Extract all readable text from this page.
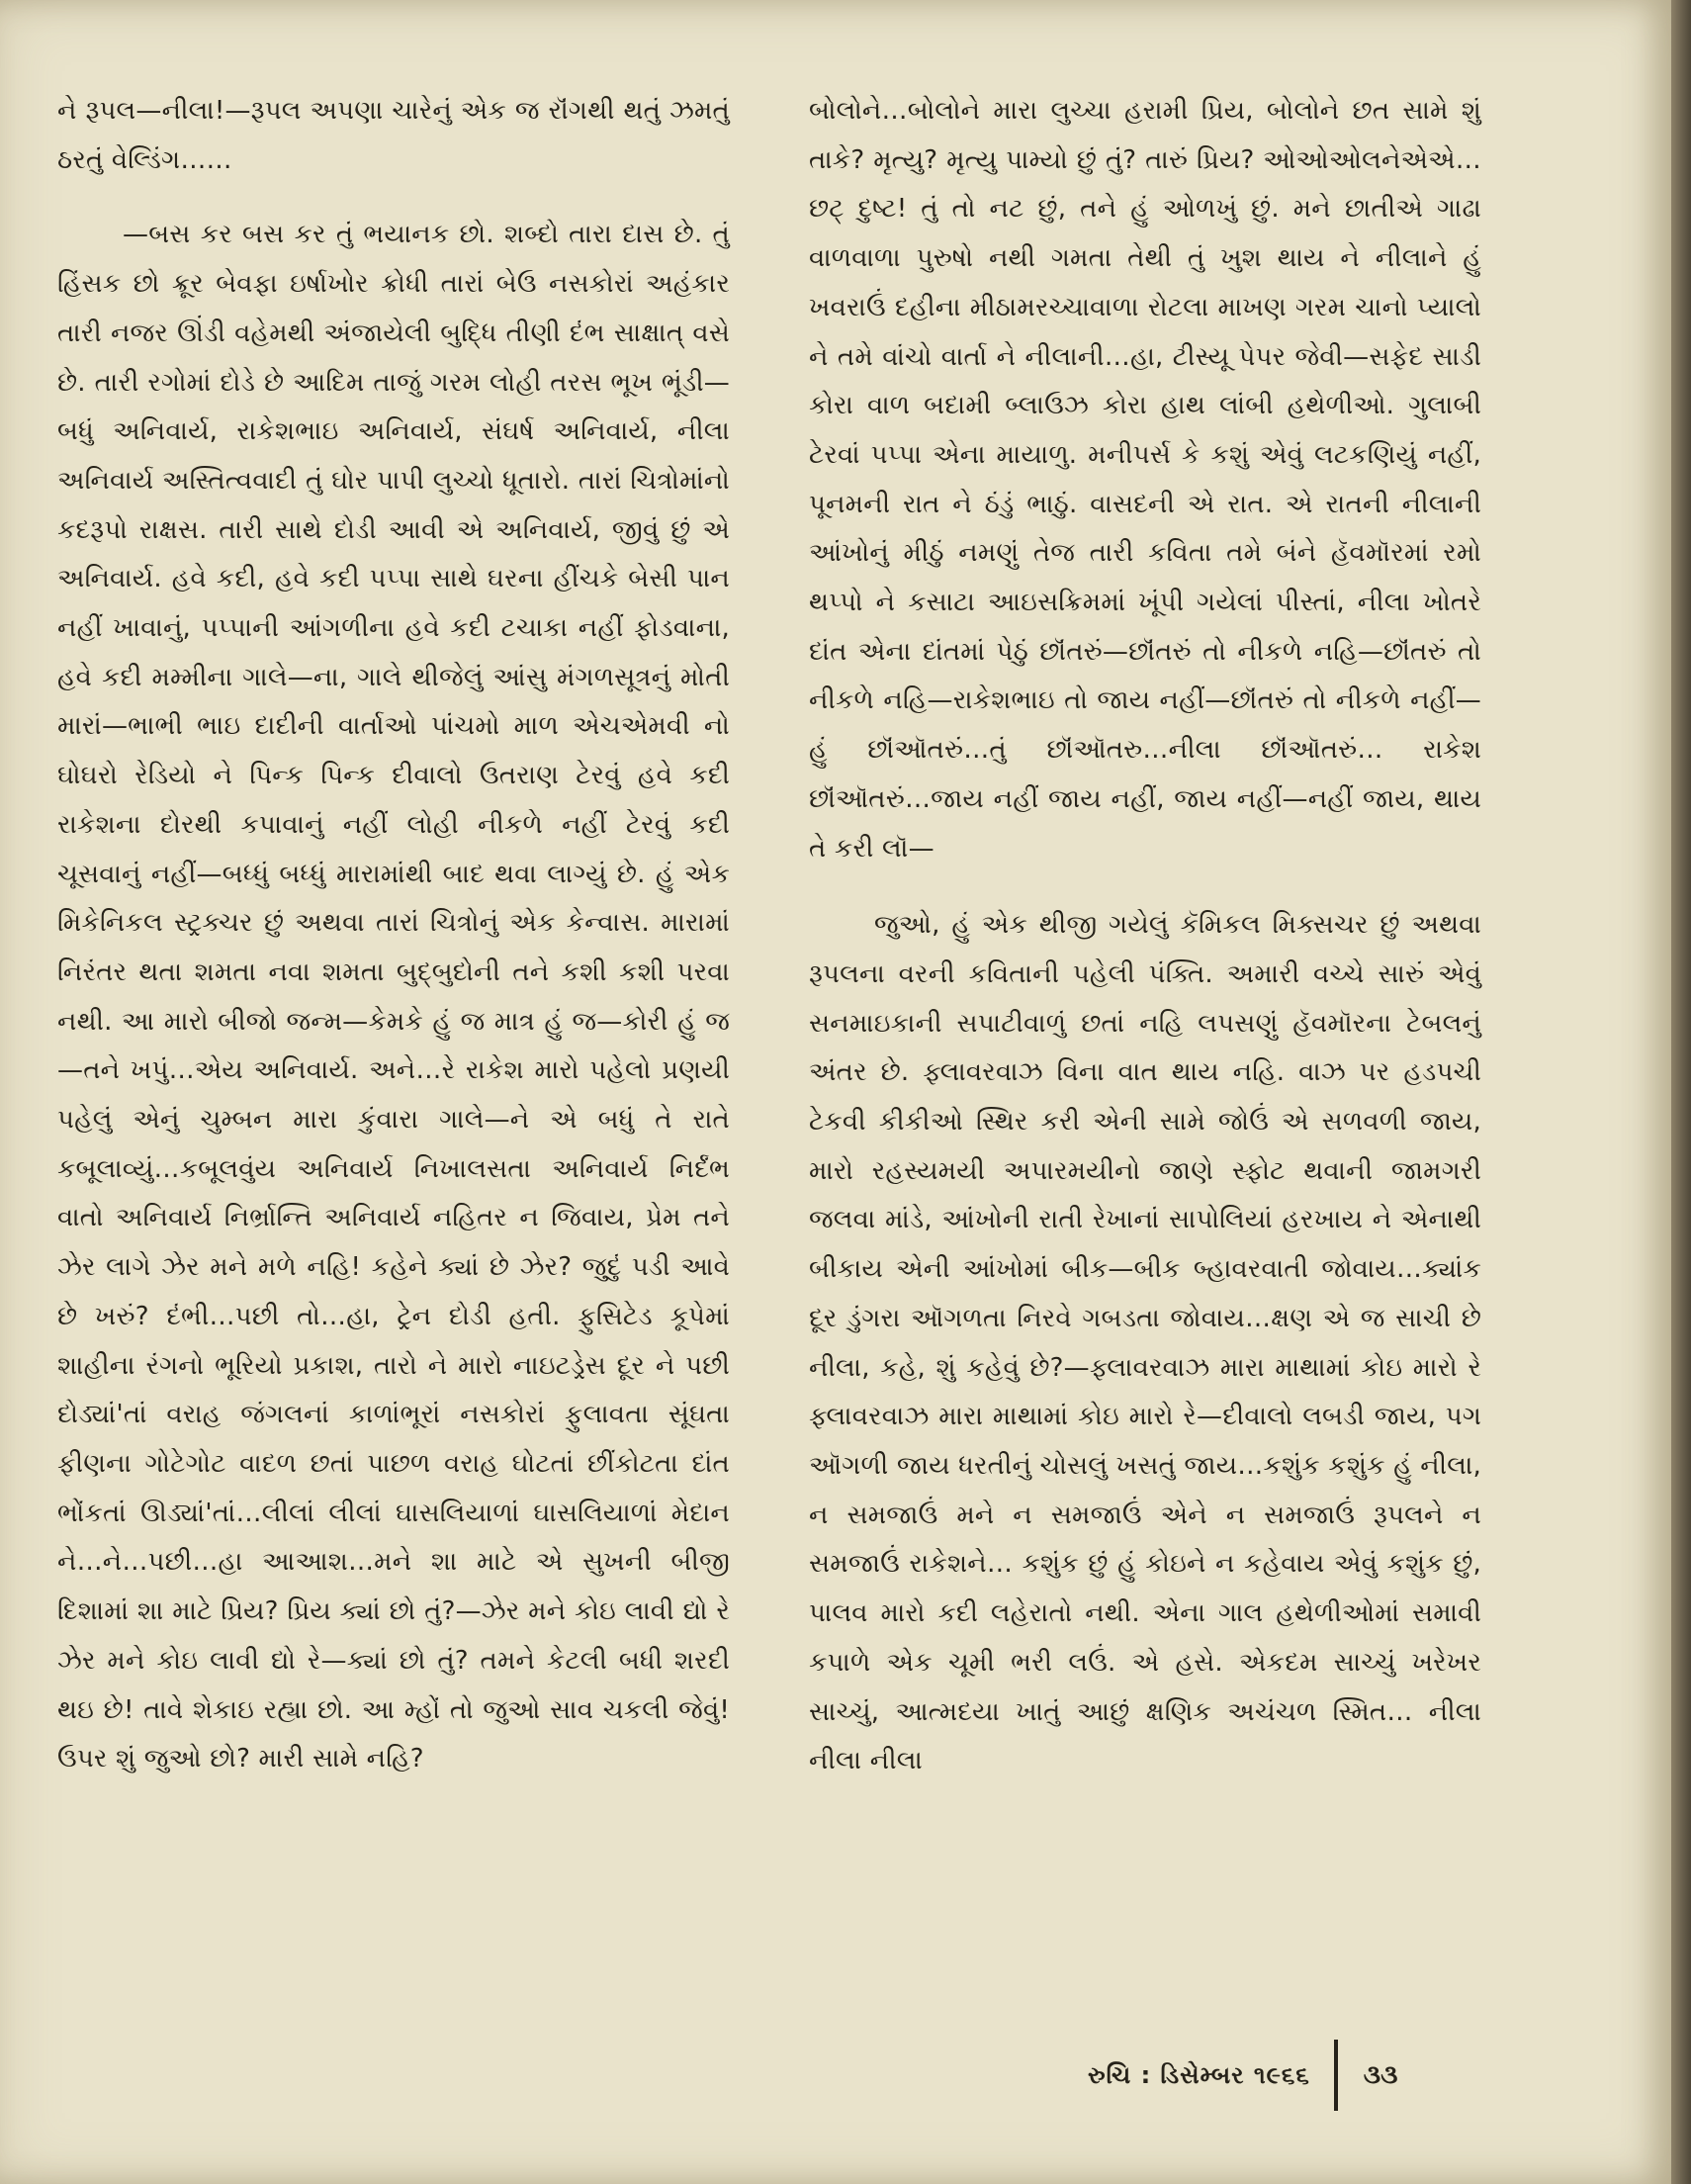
ને રૂપલ—નીલા!—રૂપલ અપણા ચારેનું એક જ રૉંગથી થતું ઝમતું ઠરતું વેલ્ડિંગ……

—બસ કર બસ કર તું ભયાનક છો. શબ્દો તારા દાસ છે. તું હિંસક છો ક્રૂર બેવફા ઇર્ષાખોર ક્રોધી તારાં બેઉ નસકોરાં અહંકાર તારી નજર ઊંડી વહેમથી અંજાયેલી બુદ્ધિ તીણી દંભ સાક્ષાત્ વસે છે. તારી રગોમાં દોડે છે આદિમ તાજું ગરમ લોહી તરસ ભૂખ ભૂંડી—બધું અનિવાર્ય, રાકેશભાઇ અનિવાર્ય, સંઘર્ષ અનિવાર્ય, નીલા અનિવાર્ય અસ્તિત્વવાદી તું ઘોર પાપી લુચ્ચો ધૂતારો. તારાં ચિત્રોમાંનો કદરૂપો રાક્ષસ. તારી સાથે દોડી આવી એ અનિવાર્ય, જીવું છું એ અનિવાર્ય. હવે કદી, હવે કદી પપ્પા સાથે ઘરના હીંચકે બેસી પાન નહીં ખાવાનું, પપ્પાની આંગળીના હવે કદી ટચાકા નહીં ફોડવાના, હવે કદી મમ્મીના ગાલે—ના, ગાલે થીજેલું આંસુ મંગળસૂત્રનું મોતી મારાં—ભાભી ભાઇ દાદીની વાર્તાઓ પાંચમો માળ એચએમવી નો ઘોઘરો રેડિયો ને પિન્ક પિન્ક દીવાલો ઉતરાણ ટેરવું હવે કદી રાકેશના દોરથી કપાવાનું નહીં લોહી નીકળે નહીં ટેરવું કદી ચૂસવાનું નહીં—બધ્ધું બધ્ધું મારામાંથી બાદ થવા લાગ્યું છે. હું એક મિકેનિકલ સ્ટ્રક્ચર છું અથવા તારાં ચિત્રોનું એક કેન્વાસ. મારામાં નિરંતર થતા શમતા નવા શમતા બુદ્બુદોની તને કશી કશી પરવા નથી. આ મારો બીજો જન્મ—કેમકે હું જ માત્ર હું જ—કોરી હું જ—તને ખપું…એય અનિવાર્ય. અને…રે રાકેશ મારો પહેલો પ્રણયી પહેલું એનું ચુમ્બન મારા કુંવારા ગાલે—ને એ બધું તે રાતે કબૂલાવ્યું…કબૂલવુંય અનિવાર્ય નિખાલસતા અનિવાર્ય નિર્દંભ વાતો અનિવાર્ય નિર્ભ્રાન્તિ અનિવાર્ય નહિતર ન જિવાય, પ્રેમ તને ઝેર લાગે ઝેર મને મળે નહિ! કહેને ક્યાં છે ઝેર? જુદું પડી આવે છે ખરું? દંભી…પછી તો…હા, ટ્રેન દોડી હતી. ફુસિટેડ કૂપેમાં શાહીના રંગનો ભૂરિયો પ્રકાશ, તારો ને મારો નાઇટડ્રેસ દૂર ને પછી દોડ્યાં'તાં વરાહ જંગલનાં કાળાંભૂરાં નસકોરાં ફુલાવતા સૂંઘતા ફીણના ગોટેગોટ વાદળ છતાં પાછળ વરાહ ઘોટતાં છીંકોટતા દાંત ભોંકતાં ઊડ્યાં'તાં…લીલાં લીલાં ઘાસલિયાળાં ઘાસલિયાળાં મેદાન ને…ને…પછી…હા આઆશ…મને શા માટે એ સુખની બીજી દિશામાં શા માટે પ્રિય? પ્રિય ક્યાં છો તું?—ઝેર મને કોઇ લાવી દ્યો રે ઝેર મને કોઇ લાવી દ્યો રે—ક્યાં છો તું? તમને કેટલી બધી શરદી થઇ છે! તાવે શેકાઇ રહ્યા છો. આ મ્હોં તો જુઓ સાવ ચકલી જેવું! ઉપર શું જુઓ છો? મારી સામે નહિ?

બોલોને…બોલોને મારા લુચ્ચા હરામી પ્રિય, બોલોને છત સામે શું તાકે? મૃત્યુ? મૃત્યુ પામ્યો છું તું? તારું પ્રિય? ઓઓઓલનેએએ…છટ્ દુષ્ટ! તું તો નટ છું, તને હું ઓળખું છું. મને છાતીએ ગાઢા વાળવાળા પુરુષો નથી ગમતા તેથી તું ખુશ થાય ને નીલાને હું ખવરાઉં દહીના મીઠામરચ્ચાવાળા રોટલા માખણ ગરમ ચાનો પ્યાલો ને તમે વાંચો વાર્તા ને નીલાની…હા, ટીસ્યૂ પેપર જેવી—સફેદ સાડી કોરા વાળ બદામી બ્લાઉઝ કોરા હાથ લાંબી હથેળીઓ. ગુલાબી ટેરવાં પપ્પા એના માયાળુ. મનીપર્સ કે કશું એવું લટકણિયું નહીં, પૂનમની રાત ને ઠંડું ભાઠું. વાસદની એ રાત. એ રાતની નીલાની આંખોનું મીઠું નમણું તેજ તારી કવિતા તમે બંને હૅવમૉરમાં રમો થપ્પો ને કસાટા આઇસક્રિમમાં ખૂંપી ગયેલાં પીસ્તાં, નીલા ખોતરે દાંત એના દાંતમાં પેઠું છૉંતરું—છૉંતરું તો નીકળે નહિ—છૉંતરું તો નીકળે નહિ—રાકેશભાઇ તો જાય નહીં—છૉંતરું તો નીકળે નહીં—હું છૉંઑતરું…તું છૉંઑતરુ…નીલા છૉંઑતરું… રાકેશ છૉંઑતરું…જાય નહીં જાય નહીં, જાય નહીં—નહીં જાય, થાય તે કરી લૉ—

જુઓ, હું એક થીજી ગયેલું કૅમિકલ મિક્સચર છું અથવા રૂપલના વરની કવિતાની પહેલી પંક્તિ. અમારી વચ્ચે સારું એવું સનમાઇકાની સપાટીવાળું છતાં નહિ લપસણું હૅવમૉરના ટેબલનું અંતર છે. ફ્લાવરવાઝ વિના વાત થાય નહિ. વાઝ પર હડપચી ટેકવી કીકીઓ સ્થિર કરી એની સામે જોઉં એ સળવળી જાય, મારો રહસ્યમયી અપારમયીનો જાણે સ્ફોટ થવાની જામગરી જલવા માંડે, આંખોની રાતી રેખાનાં સાપોલિયાં હરખાય ને એનાથી બીકાય એની આંખોમાં બીક—બીક બ્હાવરવાતી જોવાય…ક્યાંક દૂર ડુંગરા ઑગળતા નિરવે ગબડતા જોવાય…ક્ષણ એ જ સાચી છે નીલા, કહે, શું કહેવું છે?—ફ્લાવરવાઝ મારા માથામાં કોઇ મારો રે ફ્લાવરવાઝ મારા માથામાં કોઇ મારો રે—દીવાલો લબડી જાય, પગ ઑગળી જાય ધરતીનું ચોસલું ખસતું જાય…કશુંક કશુંક હું નીલા, ન સમજાઉં મને ન સમજાઉં એને ન સમજાઉં રૂપલને ન સમજાઉં રાકેશને… કશુંક છું હું કોઇને ન કહેવાય એવું કશુંક છું, પાલવ મારો કદી લહેરાતો નથી. એના ગાલ હથેળીઓમાં સમાવી કપાળે એક ચૂમી ભરી લઉં. એ હસે. એકદમ સાચ્ચું ખરેખર સાચ્ચું, આત્મદયા ખાતું આછું ક્ષણિક અચંચળ સ્મિત… નીલા નીલા નીલા

રુચિ : ડિસેમ્બર ૧૯૬૬ ૩૩
